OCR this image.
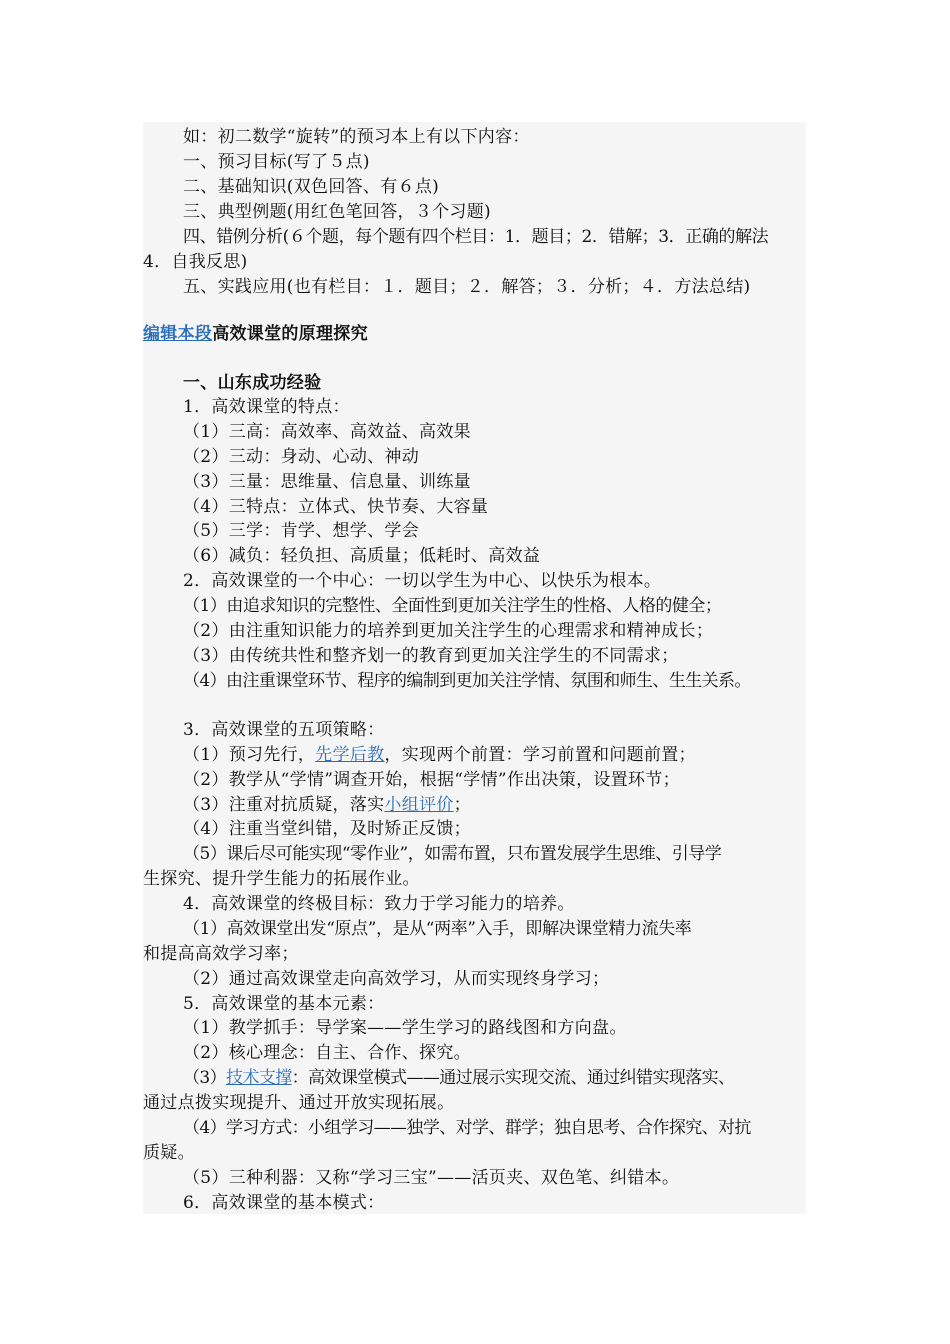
如：初二数学“旋转”的预习本上有以下内容：
一、预习目标(写了５点)
二、基础知识(双色回答、有６点)
三、典型例题(用红色笔回答，３个习题)
四、错例分析(６个题，每个题有四个栏目：1．题目；2．错解；3．正确的解法
4．自我反思)
五、实践应用(也有栏目：１．题目；２．解答；３．分析；４．方法总结)
编辑本段高效课堂的原理探究
一、山东成功经验
1．高效课堂的特点：
（1）三高：高效率、高效益、高效果
（2）三动：身动、心动、神动
（3）三量：思维量、信息量、训练量
（4）三特点：立体式、快节奏、大容量
（5）三学：肯学、想学、学会
（6）减负：轻负担、高质量；低耗时、高效益
2．高效课堂的一个中心：一切以学生为中心、以快乐为根本。
（1）由追求知识的完整性、全面性到更加关注学生的性格、人格的健全；
（2）由注重知识能力的培养到更加关注学生的心理需求和精神成长；
（3）由传统共性和整齐划一的教育到更加关注学生的不同需求；
（4）由注重课堂环节、程序的编制到更加关注学情、氛围和师生、生生关系。
3．高效课堂的五项策略：
（1）预习先行，先学后教，实现两个前置：学习前置和问题前置；
（2）教学从“学情”调查开始，根据“学情”作出决策，设置环节；
（3）注重对抗质疑，落实小组评价；
（4）注重当堂纠错，及时矫正反馈；
（5）课后尽可能实现“零作业”，如需布置，只布置发展学生思维、引导学
生探究、提升学生能力的拓展作业。
4．高效课堂的终极目标：致力于学习能力的培养。
（1）高效课堂出发“原点”，是从“两率”入手，即解决课堂精力流失率
和提高高效学习率；
（2）通过高效课堂走向高效学习，从而实现终身学习；
5．高效课堂的基本元素：
（1）教学抓手：导学案——学生学习的路线图和方向盘。
（2）核心理念：自主、合作、探究。
（3）技术支撑：高效课堂模式——通过展示实现交流、通过纠错实现落实、
通过点拨实现提升、通过开放实现拓展。
（4）学习方式：小组学习——独学、对学、群学；独自思考、合作探究、对抗
质疑。
（5）三种利器：又称“学习三宝”——活页夹、双色笔、纠错本。
6．高效课堂的基本模式：
